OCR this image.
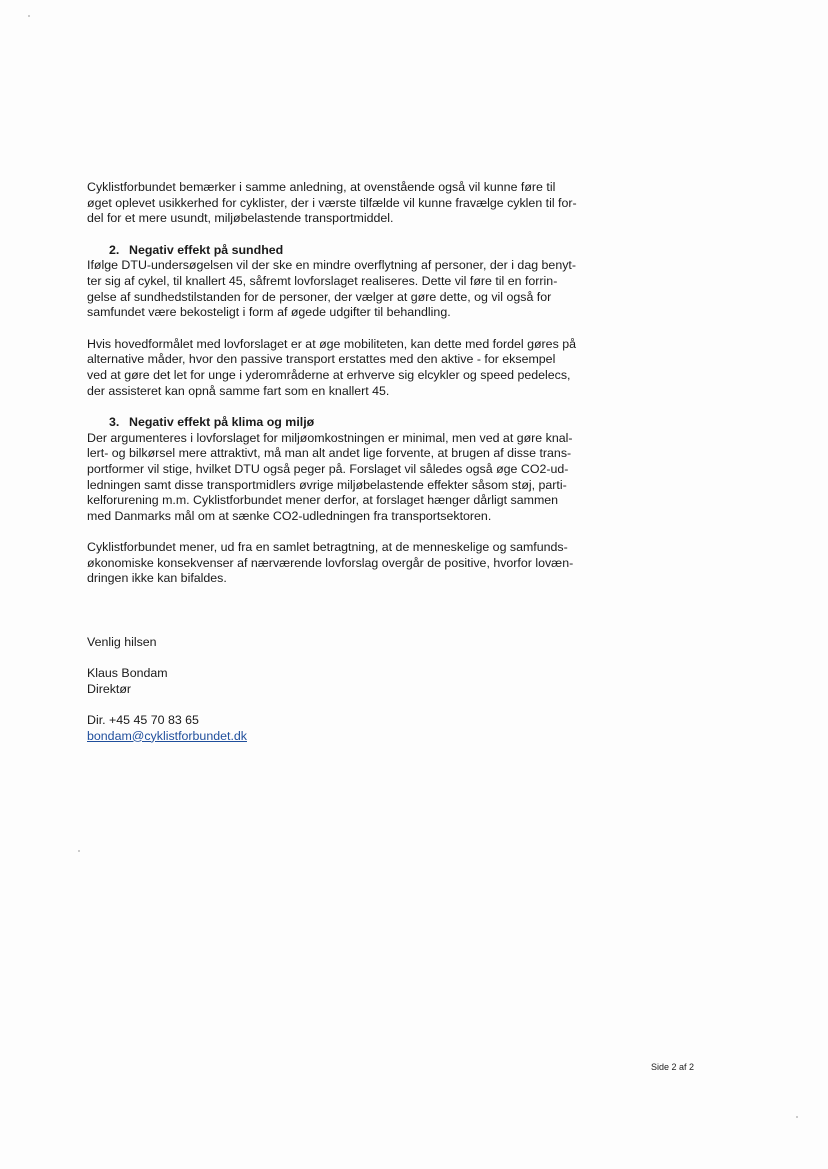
Cyklistforbundet bemærker i samme anledning, at ovenstående også vil kunne føre til
øget oplevet usikkerhed for cyklister, der i værste tilfælde vil kunne fravælge cyklen til for-
del for et mere usundt, miljøbelastende transportmiddel.
2. Negativ effekt på sundhed
Ifølge DTU-undersøgelsen vil der ske en mindre overflytning af personer, der i dag benyt-
ter sig af cykel, til knallert 45, såfremt lovforslaget realiseres. Dette vil føre til en forrin-
gelse af sundhedstilstanden for de personer, der vælger at gøre dette, og vil også for
samfundet være bekosteligt i form af øgede udgifter til behandling.
Hvis hovedformålet med lovforslaget er at øge mobiliteten, kan dette med fordel gøres på
alternative måder, hvor den passive transport erstattes med den aktive - for eksempel
ved at gøre det let for unge i yderområderne at erhverve sig elcykler og speed pedelecs,
der assisteret kan opnå samme fart som en knallert 45.
3. Negativ effekt på klima og miljø
Der argumenteres i lovforslaget for miljøomkostningen er minimal, men ved at gøre knal-
lert- og bilkørsel mere attraktivt, må man alt andet lige forvente, at brugen af disse trans-
portformer vil stige, hvilket DTU også peger på. Forslaget vil således også øge CO2-ud-
ledningen samt disse transportmidlers øvrige miljøbelastende effekter såsom støj, parti-
kelforurening m.m. Cyklistforbundet mener derfor, at forslaget hænger dårligt sammen
med Danmarks mål om at sænke CO2-udledningen fra transportsektoren.
Cyklistforbundet mener, ud fra en samlet betragtning, at de menneskelige og samfunds-
økonomiske konsekvenser af nærværende lovforslag overgår de positive, hvorfor lovæn-
dringen ikke kan bifaldes.
Venlig hilsen
Klaus Bondam
Direktør
Dir. +45 45 70 83 65
bondam@cyklistforbundet.dk
Side 2 af 2
